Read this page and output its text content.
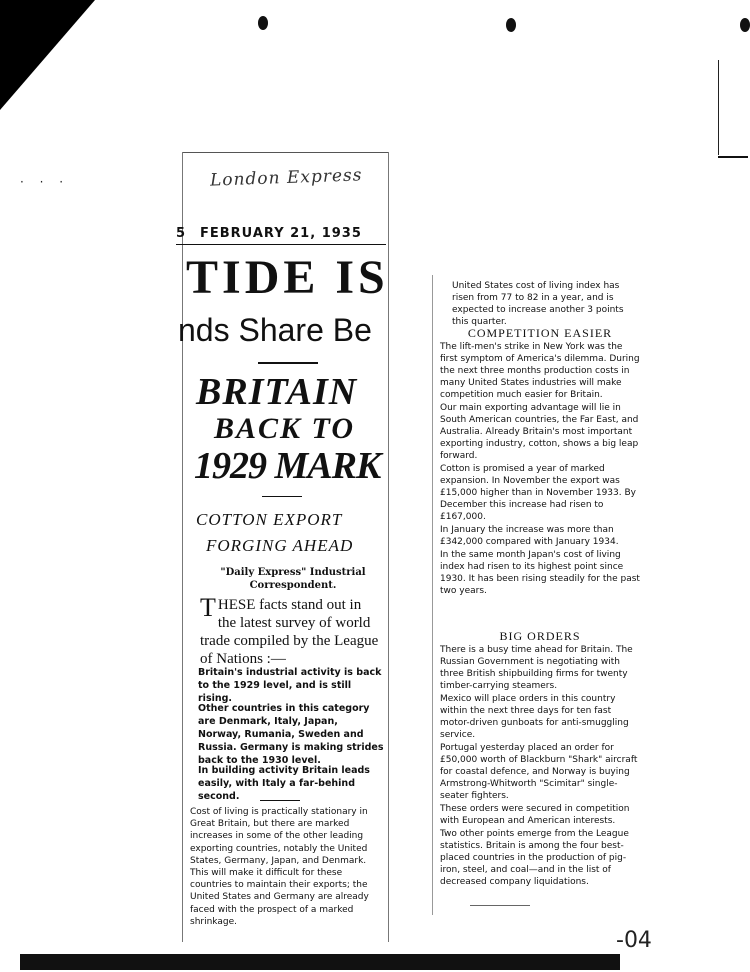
· · ·	London Express
5 FEBRUARY 21, 1935
TIDE IS
nds Share Be
BRITAIN
BACK TO
1929 MARK
COTTON EXPORT
FORGING AHEAD
"Daily Express" Industrial Correspondent.
THESE facts stand out in the latest survey of world trade compiled by the League of Nations :—
Britain's industrial activity is back to the 1929 level, and is still rising.
Other countries in this category are Denmark, Italy, Japan, Norway, Rumania, Sweden and Russia. Germany is making strides back to the 1930 level.
In building activity Britain leads easily, with Italy a far-behind second.
Cost of living is practically stationary in Great Britain, but there are marked increases in some of the other leading exporting countries, notably the United States, Germany, Japan, and Denmark. This will make it difficult for these countries to maintain their exports; the United States and Germany are already faced with the prospect of a marked shrinkage.
United States cost of living index has risen from 77 to 82 in a year, and is expected to increase another 3 points this quarter.
COMPETITION EASIER

The lift-men's strike in New York was the first symptom of America's dilemma. During the next three months production costs in many United States industries will make competition much easier for Britain.

Our main exporting advantage will lie in South American countries, the Far East, and Australia. Already Britain's most important exporting industry, cotton, shows a big leap forward.

Cotton is promised a year of marked expansion. In November the export was £15,000 higher than in November 1933. By December this increase had risen to £167,000.

In January the increase was more than £342,000 compared with January 1934.

In the same month Japan's cost of living index had risen to its highest point since 1930. It has been rising steadily for the past two years.

BIG ORDERS

There is a busy time ahead for Britain. The Russian Government is negotiating with three British shipbuilding firms for twenty timber-carrying steamers.

Mexico will place orders in this country within the next three days for ten fast motor-driven gunboats for anti-smuggling service.

Portugal yesterday placed an order for £50,000 worth of Blackburn "Shark" aircraft for coastal defence, and Norway is buying Armstrong-Whitworth "Scimitar" single-seater fighters.

These orders were secured in competition with European and American interests.

Two other points emerge from the League statistics. Britain is among the four best-placed countries in the production of pig-iron, steel, and coal—and in the list of decreased company liquidations.

-04
